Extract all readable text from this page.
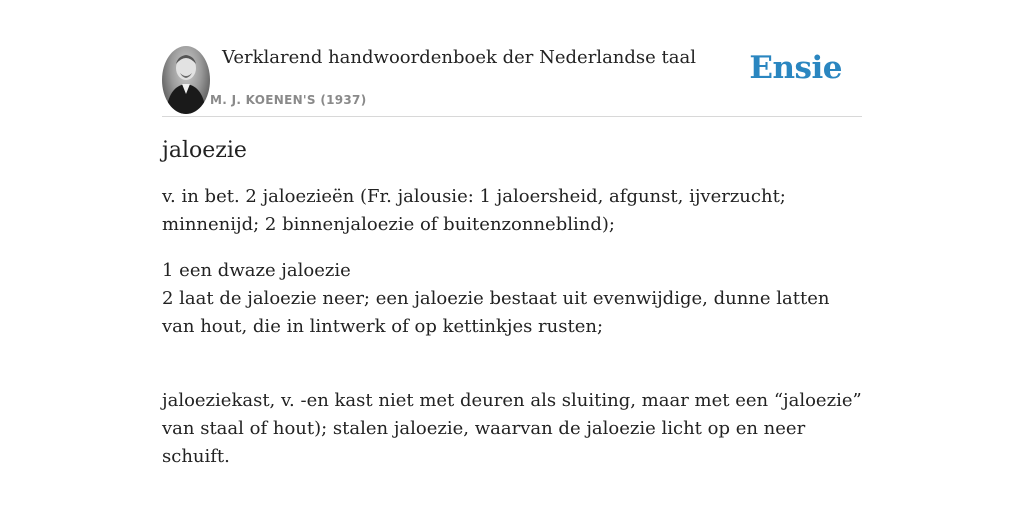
Verklarend handwoordenboek der Nederlandse taal
M. J. KOENEN'S (1937)
Ensie
jaloezie

v. in bet. 2 jaloezieën (Fr. jalousie: 1 jaloersheid, afgunst, ijverzucht; minnenijd; 2 binnenjaloezie of buitenzonneblind);

1 een dwaze jaloezie
2 laat de jaloezie neer; een jaloezie bestaat uit evenwijdige, dunne latten van hout, die in lintwerk of op kettinkjes rusten;

jaloeziekast, v. -en kast niet met deuren als sluiting, maar met een “jaloezie” van staal of hout); stalen jaloezie, waarvan de jaloezie licht op en neer schuift.
